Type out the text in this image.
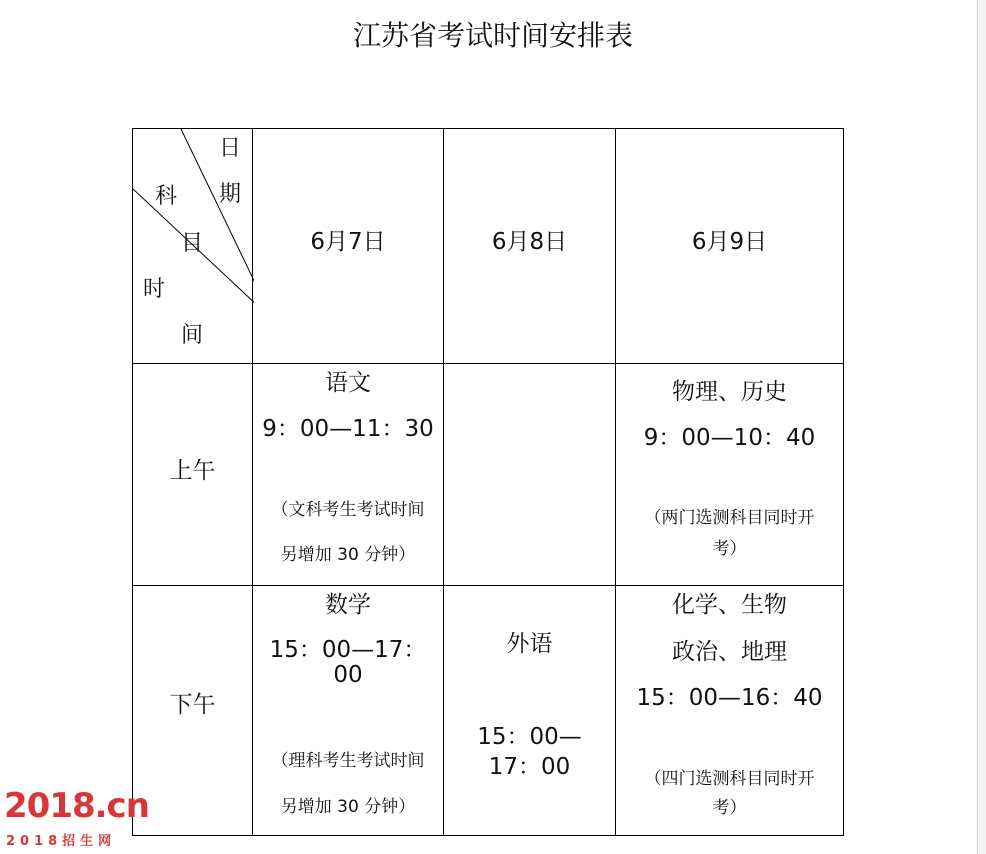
江苏省考试时间安排表
日
期
科
目
时
间
6月7日	6月8日	6月9日
上午
语文
9：00—11：30
（文科考生考试时间
另增加 30 分钟）
物理、历史
9：00—10：40
（两门选测科目同时开
考）
下午
数学
15：00—17：
00
（理科考生考试时间
另增加 30 分钟）
外语
15：00—
17：00
化学、生物
政治、地理
15：00—16：40
（四门选测科目同时开
考）
2018.cn
2018招生网
